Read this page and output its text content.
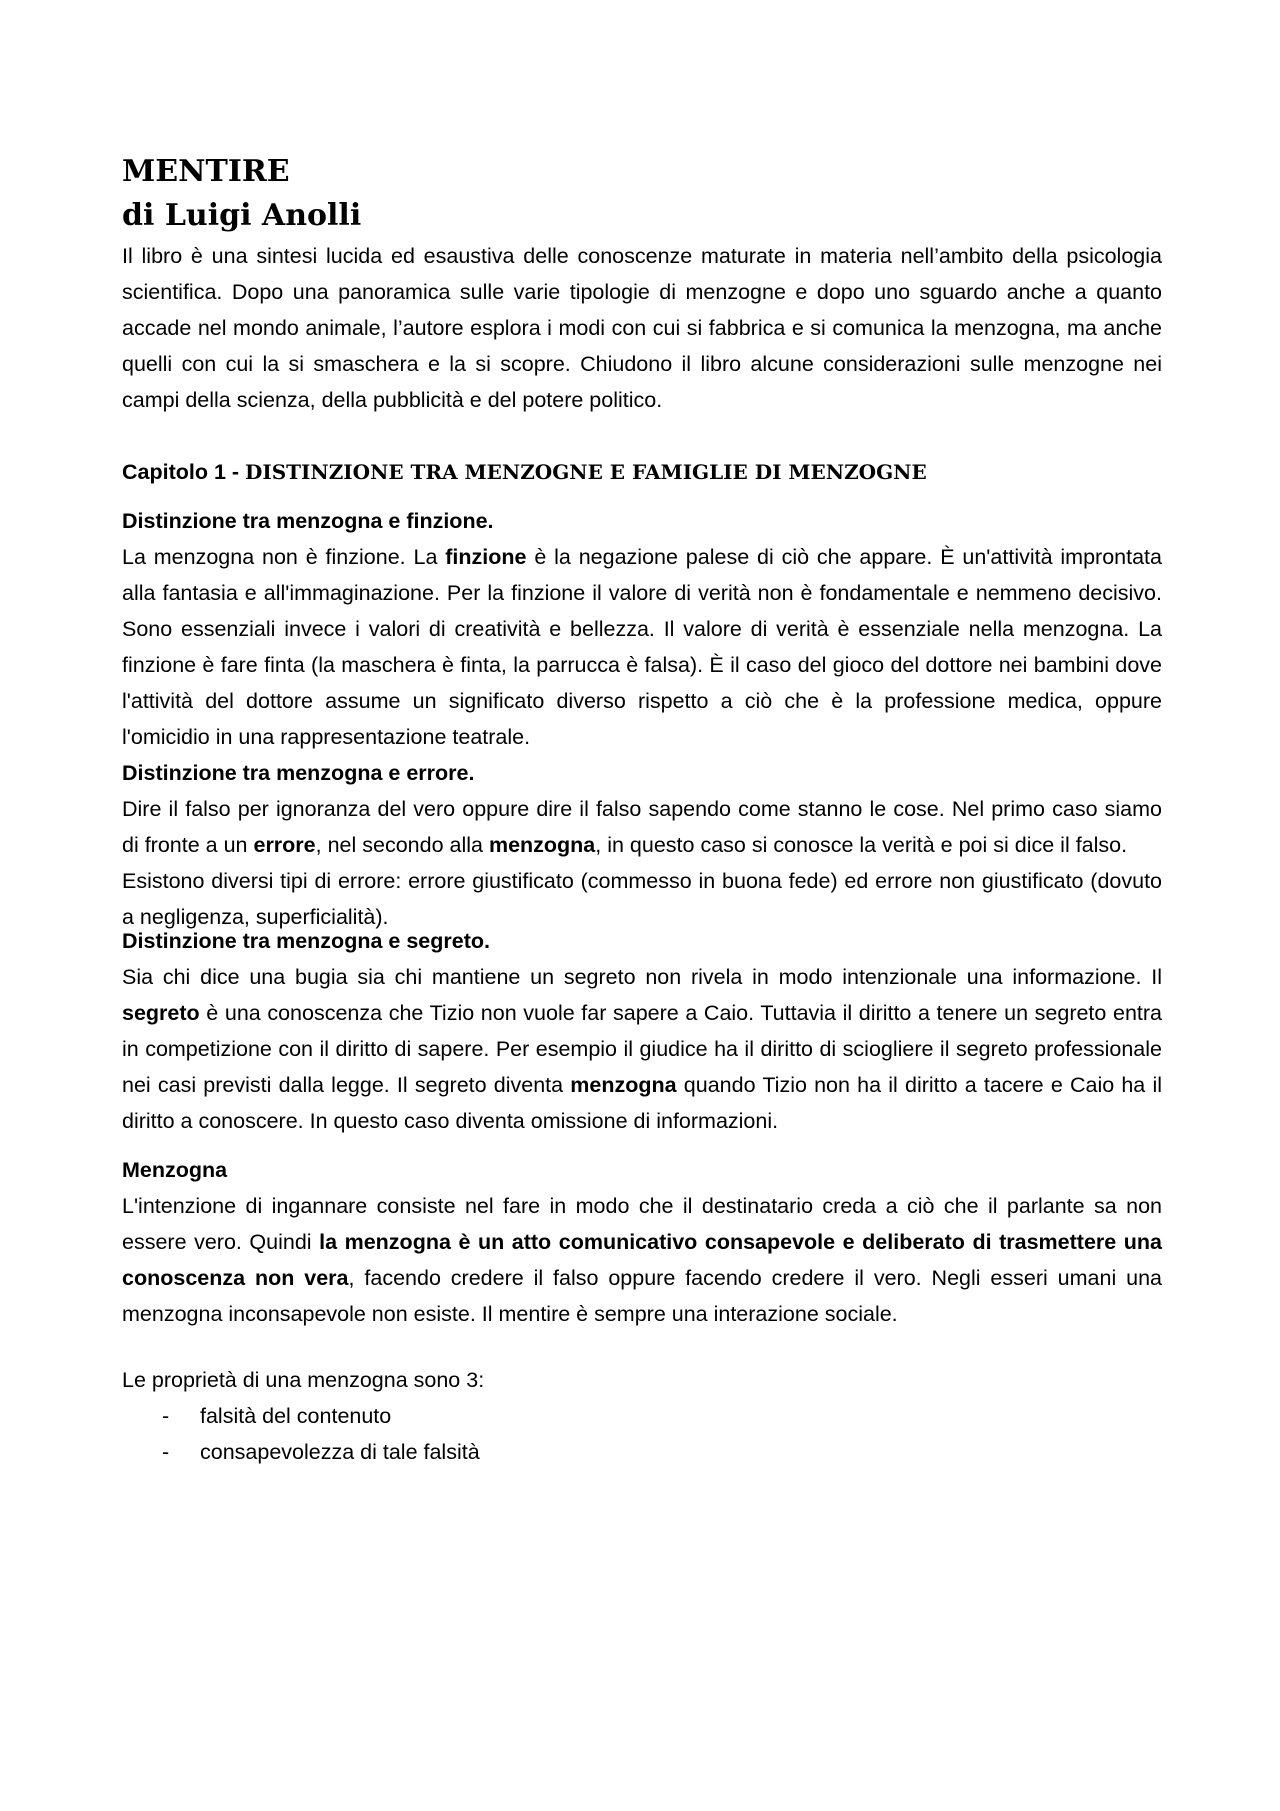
MENTIRE
di Luigi Anolli

Il libro è una sintesi lucida ed esaustiva delle conoscenze maturate in materia nell’ambito della psicologia scientifica. Dopo una panoramica sulle varie tipologie di menzogne e dopo uno sguardo anche a quanto accade nel mondo animale, l’autore esplora i modi con cui si fabbrica e si comunica la menzogna, ma anche quelli con cui la si smaschera e la si scopre. Chiudono il libro alcune considerazioni sulle menzogne nei campi della scienza, della pubblicità e del potere politico.

Capitolo 1 - DISTINZIONE TRA MENZOGNE E FAMIGLIE DI MENZOGNE

Distinzione tra menzogna e finzione.

La menzogna non è finzione. La finzione è la negazione palese di ciò che appare. È un'attività improntata alla fantasia e all'immaginazione. Per la finzione il valore di verità non è fondamentale e nemmeno decisivo. Sono essenziali invece i valori di creatività e bellezza. Il valore di verità è essenziale nella menzogna. La finzione è fare finta (la maschera è finta, la parrucca è falsa). È il caso del gioco del dottore nei bambini dove l'attività del dottore assume un significato diverso rispetto a ciò che è la professione medica, oppure l'omicidio in una rappresentazione teatrale.

Distinzione tra menzogna e errore.

Dire il falso per ignoranza del vero oppure dire il falso sapendo come stanno le cose. Nel primo caso siamo di fronte a un errore, nel secondo alla menzogna, in questo caso si conosce la verità e poi si dice il falso.

Esistono diversi tipi di errore: errore giustificato (commesso in buona fede) ed errore non giustificato (dovuto a negligenza, superficialità).

Distinzione tra menzogna e segreto.

Sia chi dice una bugia sia chi mantiene un segreto non rivela in modo intenzionale una informazione. Il segreto è una conoscenza che Tizio non vuole far sapere a Caio. Tuttavia il diritto a tenere un segreto entra in competizione con il diritto di sapere. Per esempio il giudice ha il diritto di sciogliere il segreto professionale nei casi previsti dalla legge. Il segreto diventa menzogna quando Tizio non ha il diritto a tacere e Caio ha il diritto a conoscere. In questo caso diventa omissione di informazioni.

Menzogna

L'intenzione di ingannare consiste nel fare in modo che il destinatario creda a ciò che il parlante sa non essere vero. Quindi la menzogna è un atto comunicativo consapevole e deliberato di trasmettere una conoscenza non vera, facendo credere il falso oppure facendo credere il vero. Negli esseri umani una menzogna inconsapevole non esiste. Il mentire è sempre una interazione sociale.

Le proprietà di una menzogna sono 3:

- falsità del contenuto
- consapevolezza di tale falsità
